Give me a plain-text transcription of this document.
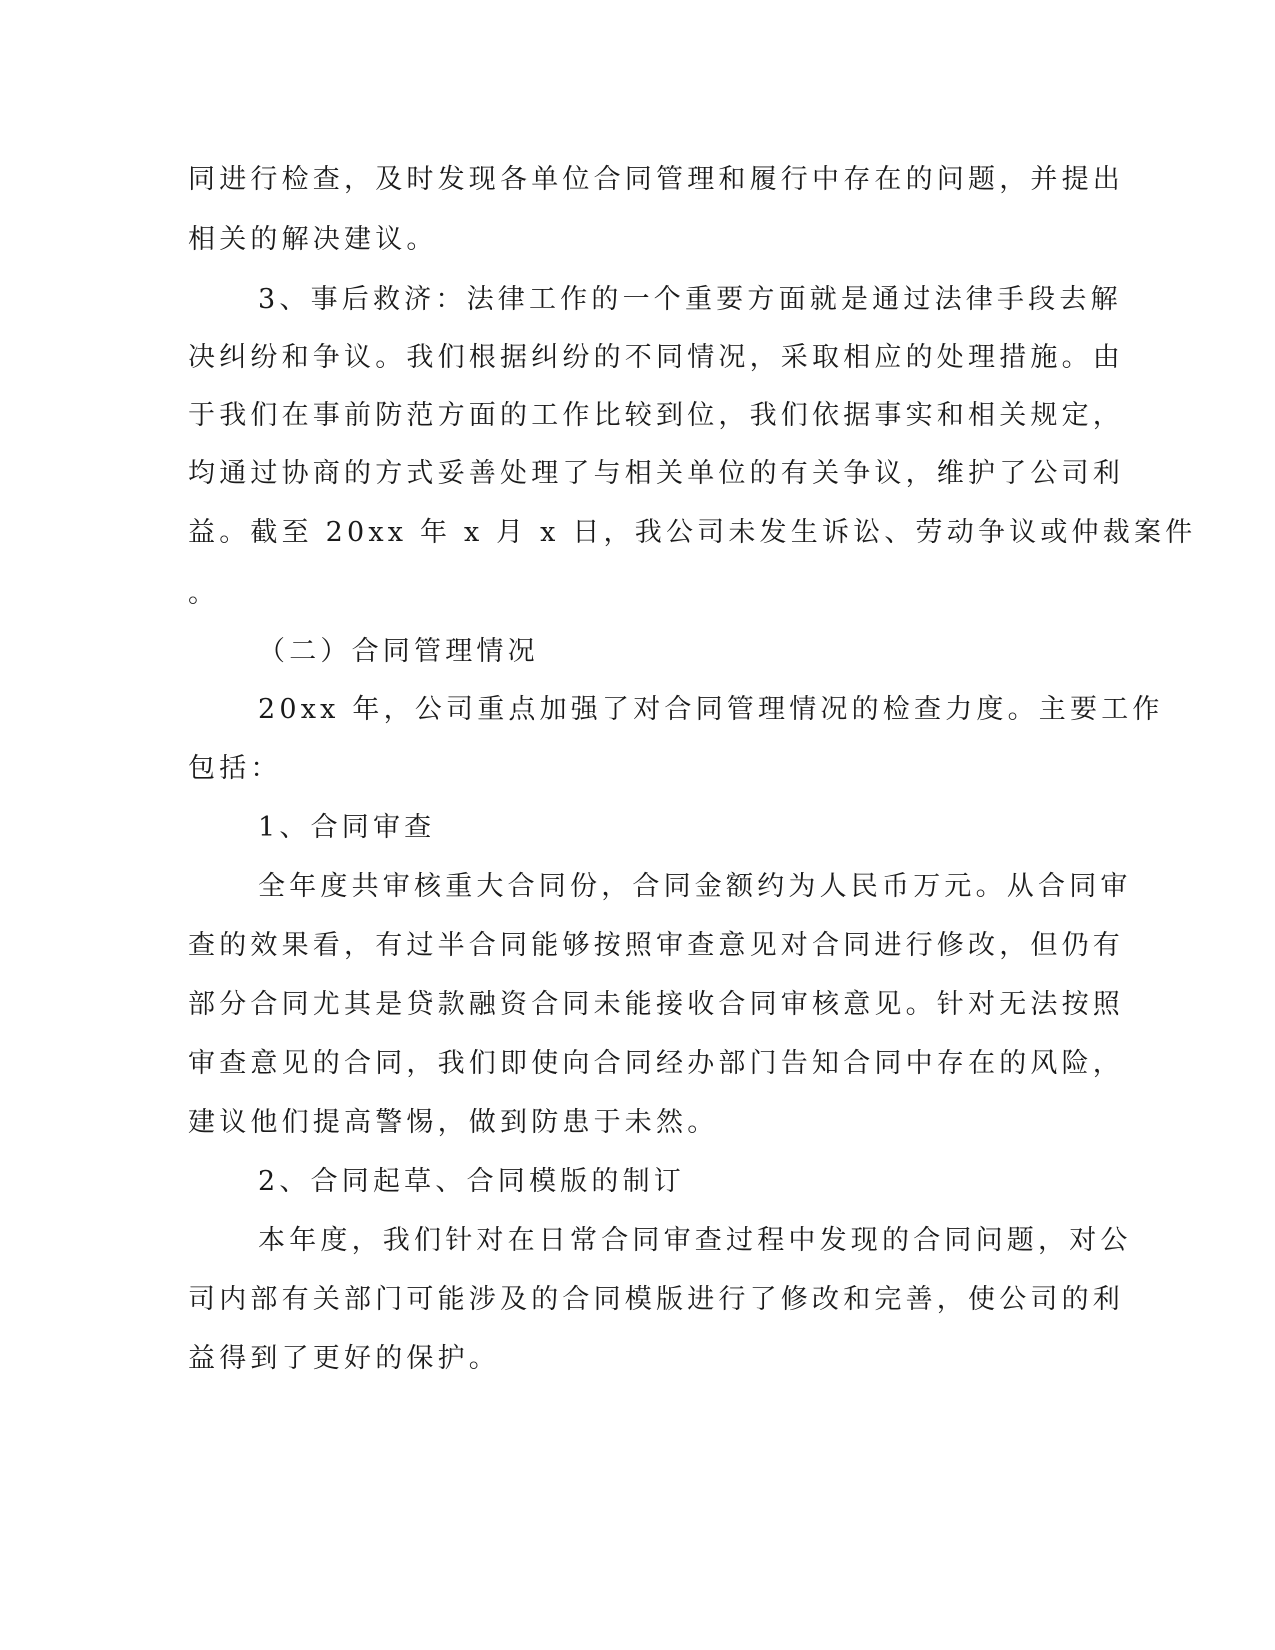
同进行检查，及时发现各单位合同管理和履行中存在的问题，并提出
相关的解决建议。
3、事后救济：法律工作的一个重要方面就是通过法律手段去解
决纠纷和争议。我们根据纠纷的不同情况，采取相应的处理措施。由
于我们在事前防范方面的工作比较到位，我们依据事实和相关规定，
均通过协商的方式妥善处理了与相关单位的有关争议，维护了公司利
益。截至 20xx 年 x 月 x 日，我公司未发生诉讼、劳动争议或仲裁案件
。
（二）合同管理情况
20xx 年，公司重点加强了对合同管理情况的检查力度。主要工作
包括：
1、合同审查
全年度共审核重大合同份，合同金额约为人民币万元。从合同审
查的效果看，有过半合同能够按照审查意见对合同进行修改，但仍有
部分合同尤其是贷款融资合同未能接收合同审核意见。针对无法按照
审查意见的合同，我们即使向合同经办部门告知合同中存在的风险，
建议他们提高警惕，做到防患于未然。
2、合同起草、合同模版的制订
本年度，我们针对在日常合同审查过程中发现的合同问题，对公
司内部有关部门可能涉及的合同模版进行了修改和完善，使公司的利
益得到了更好的保护。
